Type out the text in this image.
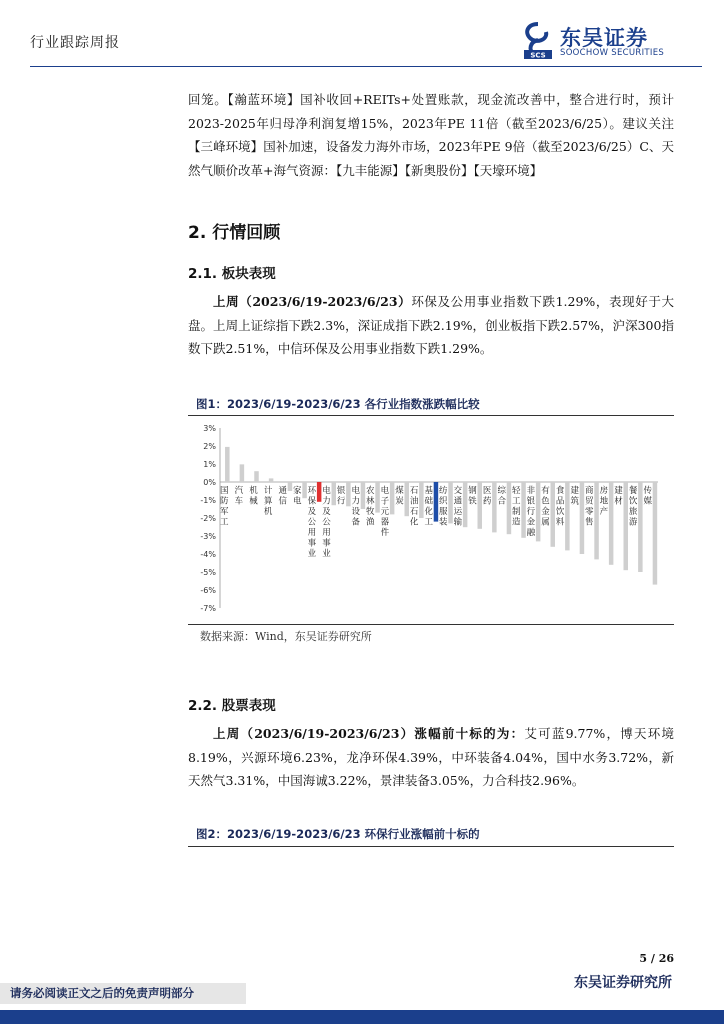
行业跟踪周报
SCS
东吴证券
SOOCHOW SECURITIES

回笼。【瀚蓝环境】国补收回+REITs+处置账款，现金流改善中，整合进行时，预计2023-2025年归母净利润复增15%，2023年PE 11倍（截至2023/6/25）。建议关注【三峰环境】国补加速，设备发力海外市场，2023年PE 9倍（截至2023/6/25）C、天然气顺价改革+海气资源：【九丰能源】【新奥股份】【天壕环境】

2. 行情回顾
2.1. 板块表现

上周（2023/6/19-2023/6/23）环保及公用事业指数下跌1.29%，表现好于大盘。上周上证综指下跌2.3%，深证成指下跌2.19%，创业板指下跌2.57%，沪深300指数下跌2.51%，中信环保及公用事业指数下跌1.29%。

图1：2023/6/19-2023/6/23 各行业指数涨跌幅比较
3%
2%
1%
0%
-1%
-2%
-3%
-4%
-5%
-6%
-7%
国防军工
汽车
机械
计算机
通信
家电
环保及公用事业
电力及公用事业
银行
电力设备
农林牧渔
电子元器件
煤炭
石油石化
基础化工
纺织服装
交通运输
钢铁
医药
综合
轻工制造
非银行金融
有色金属
食品饮料
建筑
商贸零售
房地产
建材
餐饮旅游
传媒
数据来源：Wind，东吴证券研究所
2.2. 股票表现

上周（2023/6/19-2023/6/23）涨幅前十标的为：艾可蓝9.77%，博天环境8.19%，兴源环境6.23%，龙净环保4.39%，中环装备4.04%，国中水务3.72%，新天然气3.31%，中国海诚3.22%，景津装备3.05%，力合科技2.96%。

图2：2023/6/19-2023/6/23 环保行业涨幅前十标的
5 / 26
请务必阅读正文之后的免责声明部分
东吴证券研究所
